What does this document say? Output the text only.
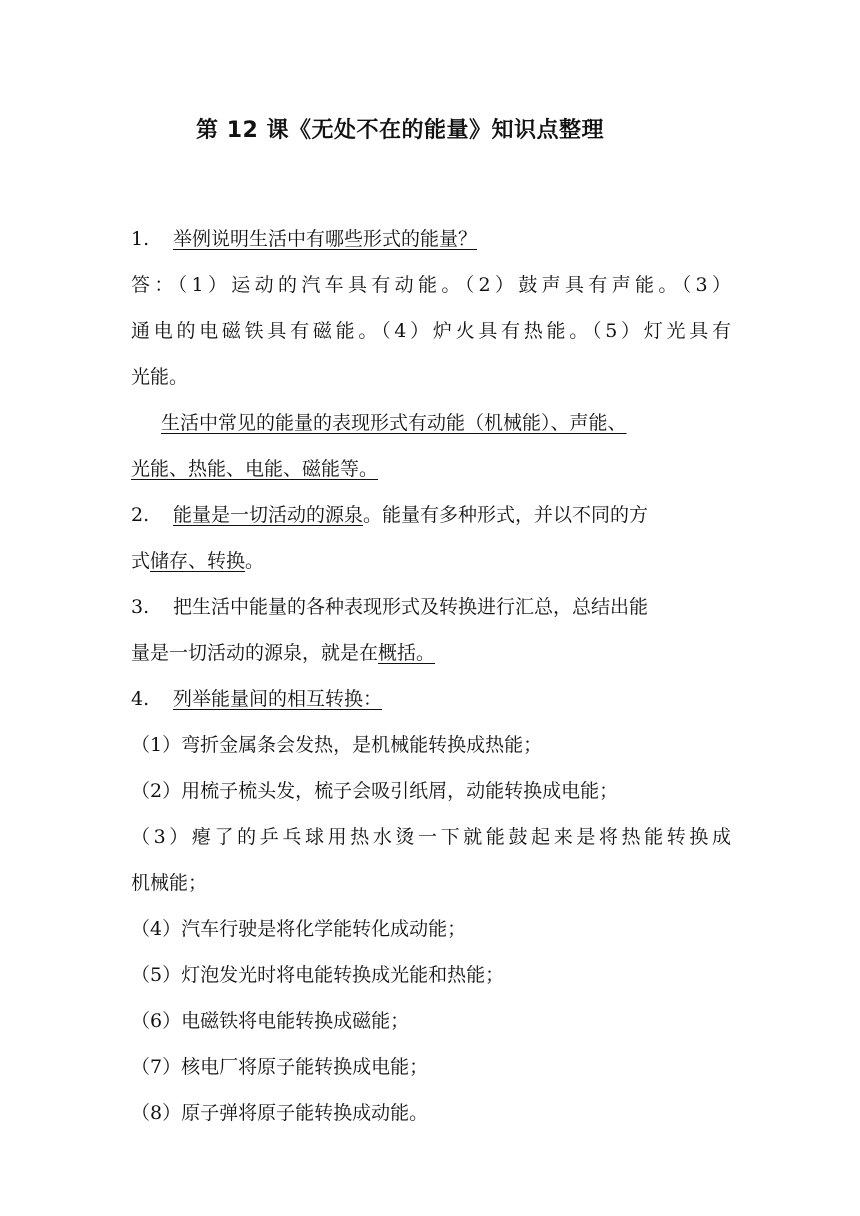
第 12 课《无处不在的能量》知识点整理
1. 举例说明生活中有哪些形式的能量？
答：（1）运动的汽车具有动能。（2）鼓声具有声能。（3）
通电的电磁铁具有磁能。（4）炉火具有热能。（5）灯光具有
光能。
生活中常见的能量的表现形式有动能（机械能）、声能、
光能、热能、电能、磁能等。
2. 能量是一切活动的源泉。能量有多种形式，并以不同的方
式储存、转换。
3. 把生活中能量的各种表现形式及转换进行汇总，总结出能
量是一切活动的源泉，就是在概括。
4. 列举能量间的相互转换：
（1）弯折金属条会发热，是机械能转换成热能；
（2）用梳子梳头发，梳子会吸引纸屑，动能转换成电能；
（3）瘪了的乒乓球用热水烫一下就能鼓起来是将热能转换成
机械能；
（4）汽车行驶是将化学能转化成动能；
（5）灯泡发光时将电能转换成光能和热能；
（6）电磁铁将电能转换成磁能；
（7）核电厂将原子能转换成电能；
（8）原子弹将原子能转换成动能。
